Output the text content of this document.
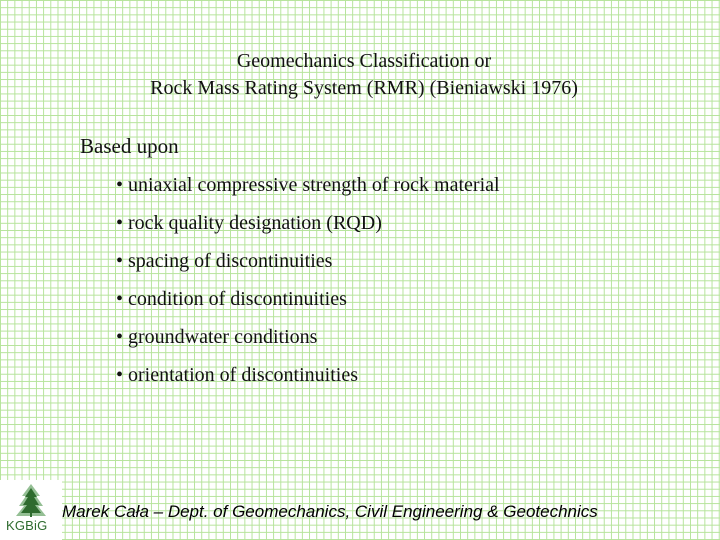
Geomechanics Classification or
Rock Mass Rating System (RMR) (Bieniawski 1976)
Based upon
• uniaxial compressive strength of rock material
• rock quality designation (RQD)
• spacing of discontinuities
• condition of discontinuities
• groundwater conditions
• orientation of discontinuities
KGBiG
Marek Cała – Dept. of Geomechanics, Civil Engineering & Geotechnics
